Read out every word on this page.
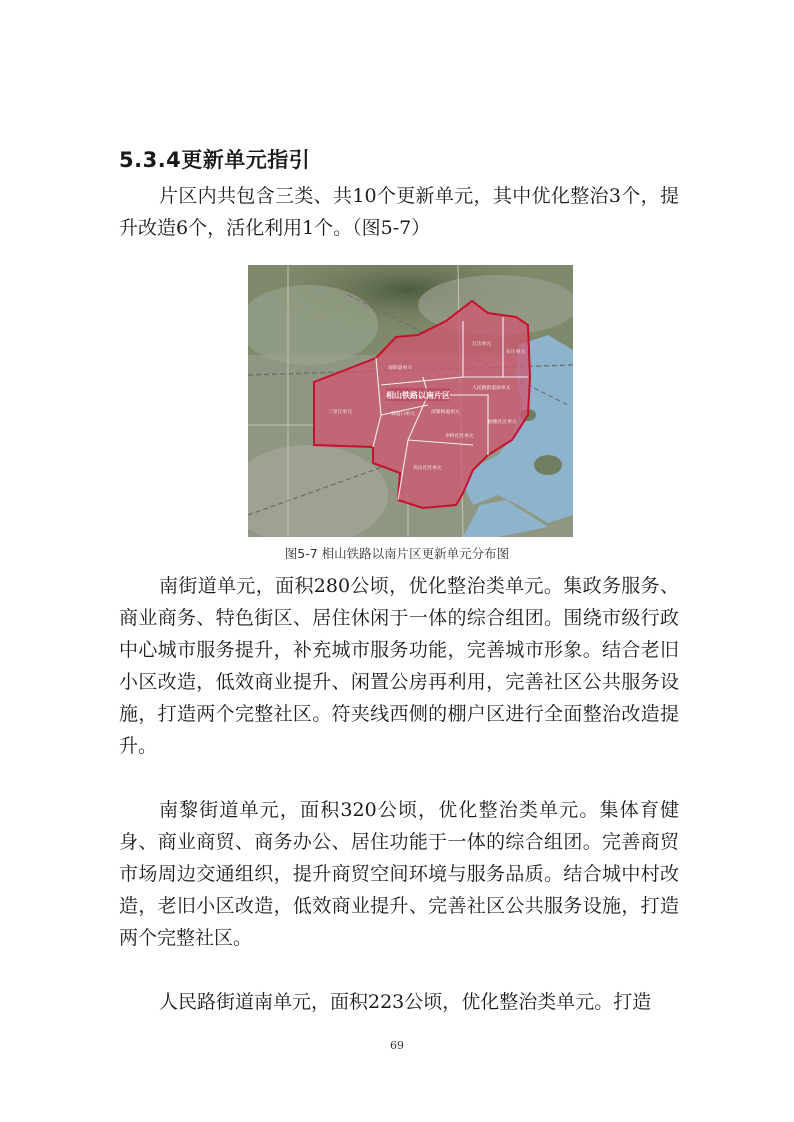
5.3.4更新单元指引

片区内共包含三类、共10个更新单元，其中优化整治3个，提升改造6个，活化利用1个。（图5-7）

南街道单元
万达单元
东庄单元
人民路街道南单元
三里庄单元	韩道口单元	南黎街道单元
曲塘社区单元
李桥社区单元
高岳社区单元
相山铁路以南片区
图5-7 相山铁路以南片区更新单元分布图

南街道单元，面积280公顷，优化整治类单元。集政务服务、商业商务、特色街区、居住休闲于一体的综合组团。围绕市级行政中心城市服务提升，补充城市服务功能，完善城市形象。结合老旧小区改造，低效商业提升、闲置公房再利用，完善社区公共服务设施，打造两个完整社区。符夹线西侧的棚户区进行全面整治改造提升。

南黎街道单元，面积320公顷，优化整治类单元。集体育健身、商业商贸、商务办公、居住功能于一体的综合组团。完善商贸市场周边交通组织，提升商贸空间环境与服务品质。结合城中村改造，老旧小区改造，低效商业提升、完善社区公共服务设施，打造两个完整社区。

人民路街道南单元，面积223公顷，优化整治类单元。打造

69
